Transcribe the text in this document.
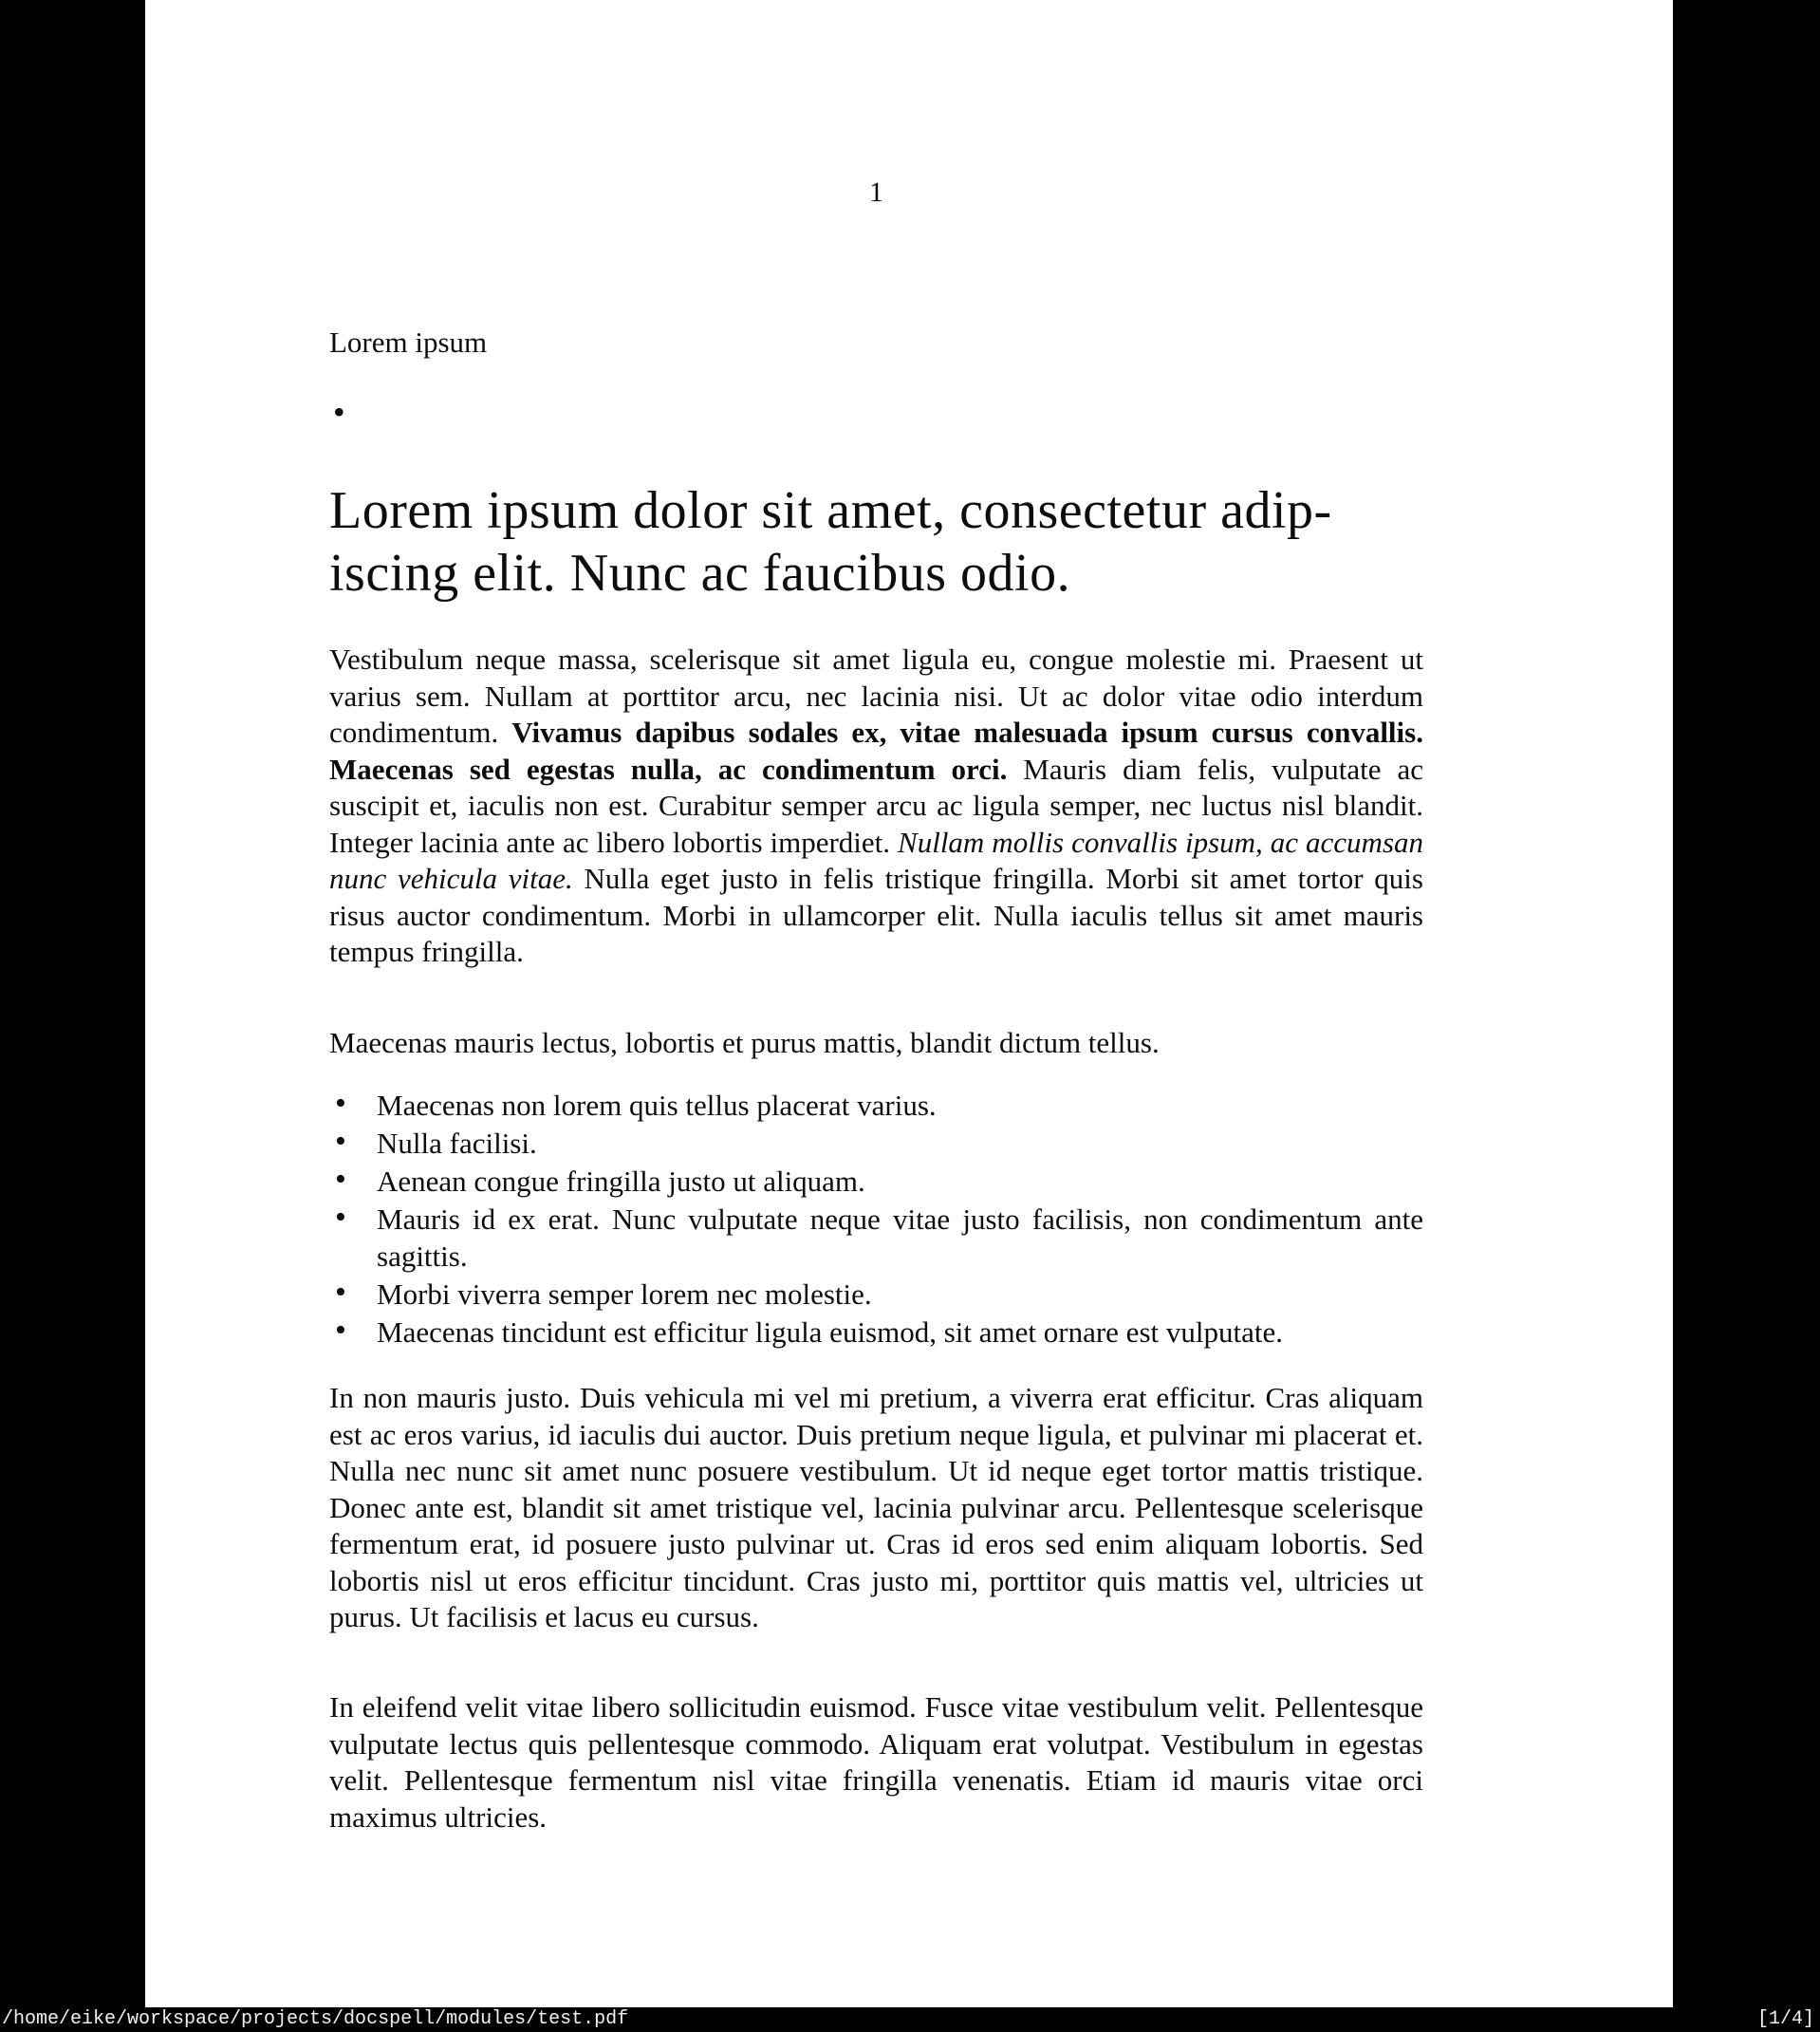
1
Lorem ipsum
•
Lorem ipsum dolor sit amet, consectetur adip-
iscing elit. Nunc ac faucibus odio.

Vestibulum neque massa, scelerisque sit amet ligula eu, congue molestie mi. Praesent ut varius sem. Nullam at porttitor arcu, nec lacinia nisi. Ut ac dolor vitae odio interdum condimentum. Vivamus dapibus sodales ex, vitae malesuada ipsum cursus convallis. Maecenas sed egestas nulla, ac condimentum orci. Mauris diam felis, vulputate ac suscipit et, iaculis non est. Curabitur semper arcu ac ligula semper, nec luctus nisl blandit. Integer lacinia ante ac libero lobortis imperdiet. Nullam mollis convallis ipsum, ac accumsan nunc vehicula vitae. Nulla eget justo in felis tristique fringilla. Morbi sit amet tortor quis risus auctor condimentum. Morbi in ullamcorper elit. Nulla iaculis tellus sit amet mauris tempus fringilla.

Maecenas mauris lectus, lobortis et purus mattis, blandit dictum tellus.

• Maecenas non lorem quis tellus placerat varius.
• Nulla facilisi.
• Aenean congue fringilla justo ut aliquam.
• Mauris id ex erat. Nunc vulputate neque vitae justo facilisis, non condimentum ante sagittis.
• Morbi viverra semper lorem nec molestie.
• Maecenas tincidunt est efficitur ligula euismod, sit amet ornare est vulputate.

In non mauris justo. Duis vehicula mi vel mi pretium, a viverra erat efficitur. Cras aliquam est ac eros varius, id iaculis dui auctor. Duis pretium neque ligula, et pulvinar mi placerat et. Nulla nec nunc sit amet nunc posuere vestibulum. Ut id neque eget tortor mattis tristique. Donec ante est, blandit sit amet tristique vel, lacinia pulvinar arcu. Pellentesque scelerisque fermentum erat, id posuere justo pulvinar ut. Cras id eros sed enim aliquam lobortis. Sed lobortis nisl ut eros efficitur tincidunt. Cras justo mi, porttitor quis mattis vel, ultricies ut purus. Ut facilisis et lacus eu cursus.

In eleifend velit vitae libero sollicitudin euismod. Fusce vitae vestibulum velit. Pellentesque vulputate lectus quis pellentesque commodo. Aliquam erat volutpat. Vestibulum in egestas velit. Pellentesque fermentum nisl vitae fringilla venenatis. Etiam id mauris vitae orci maximus ultricies.

/home/eike/workspace/projects/docspell/modules/test.pdf	[1/4]
